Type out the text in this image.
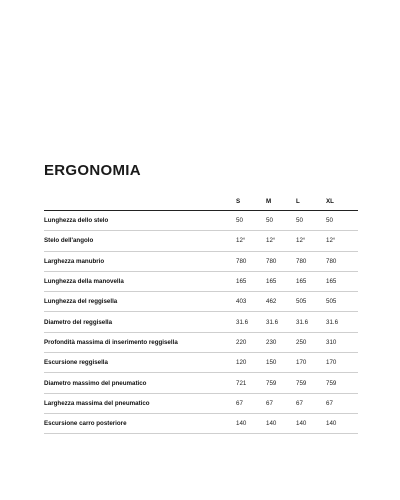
ERGONOMIA
	S	M	L	XL
Lunghezza dello stelo	50	50	50	50
Stelo dell'angolo	12°	12°	12°	12°
Larghezza manubrio	780	780	780	780
Lunghezza della manovella	165	165	165	165
Lunghezza del reggisella	403	462	505	505
Diametro del reggisella	31.6	31.6	31.6	31.6
Profondità massima di inserimento reggisella	220	230	250	310
Escursione reggisella	120	150	170	170
Diametro massimo del pneumatico	721	759	759	759
Larghezza massima del pneumatico	67	67	67	67
Escursione carro posteriore	140	140	140	140
